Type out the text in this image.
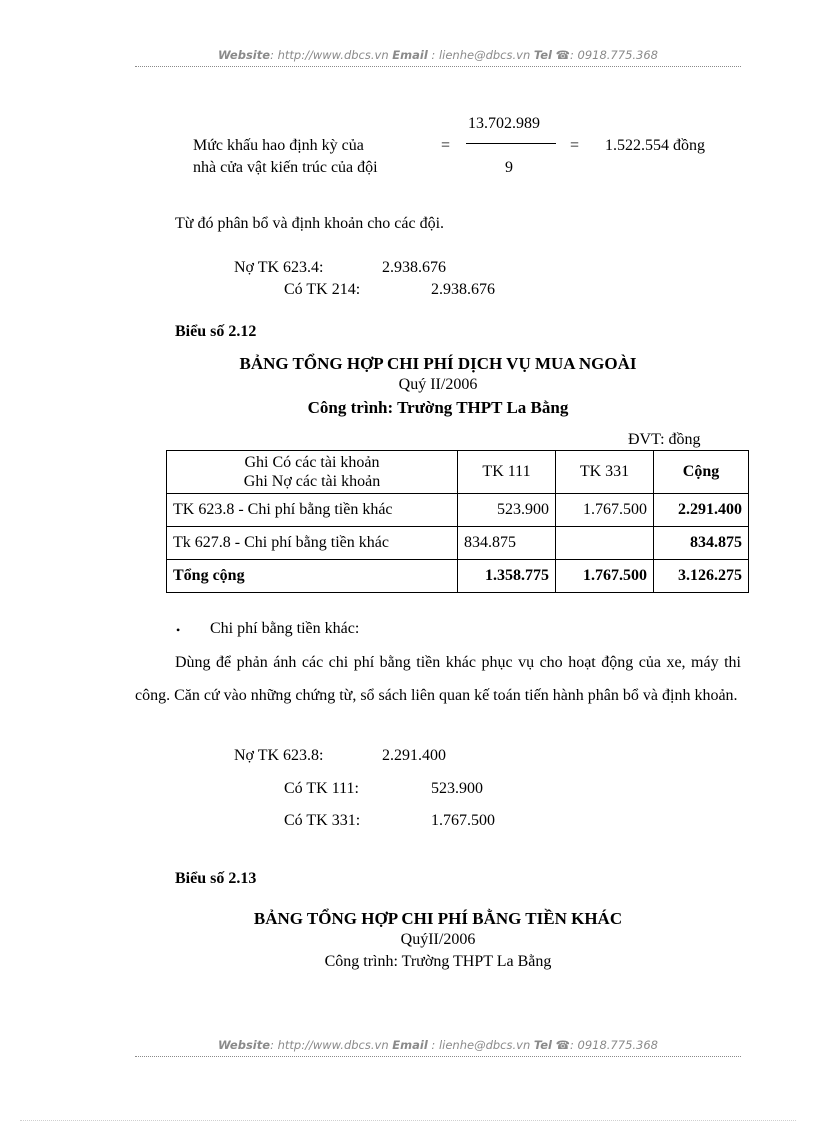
Website: http://www.dbcs.vn Email : lienhe@dbcs.vn Tel ☎: 0918.775.368
Mức khấu hao định kỳ của
nhà cửa vật kiến trúc của đội
=
13.702.989
9
= 1.522.554 đồng
Từ đó phân bổ và định khoản cho các đội.
Nợ TK 623.4:	2.938.676
Có TK 214:	2.938.676
Biểu số 2.12
BẢNG TỔNG HỢP CHI PHÍ DỊCH VỤ MUA NGOÀI
Quý II/2006
Công trình: Trường THPT La Bằng
ĐVT: đồng
Ghi Có các tài khoản
Ghi Nợ các tài khoản	TK 111	TK 331	Cộng
TK 623.8 - Chi phí bằng tiền khác	523.900	1.767.500	2.291.400
Tk 627.8 - Chi phí bằng tiền khác	834.875		834.875
Tổng cộng	1.358.775	1.767.500	3.126.275
• Chi phí bằng tiền khác:
Dùng để phản ánh các chi phí bằng tiền khác phục vụ cho hoạt động của xe, máy thi công. Căn cứ vào những chứng từ, sổ sách liên quan kế toán tiến hành phân bổ và định khoản.
Nợ TK 623.8:	2.291.400
Có TK 111:	523.900
Có TK 331:	1.767.500
Biểu số 2.13
BẢNG TỔNG HỢP CHI PHÍ BẰNG TIỀN KHÁC
QuýII/2006
Công trình: Trường THPT La Bằng
Website: http://www.dbcs.vn Email : lienhe@dbcs.vn Tel ☎: 0918.775.368
